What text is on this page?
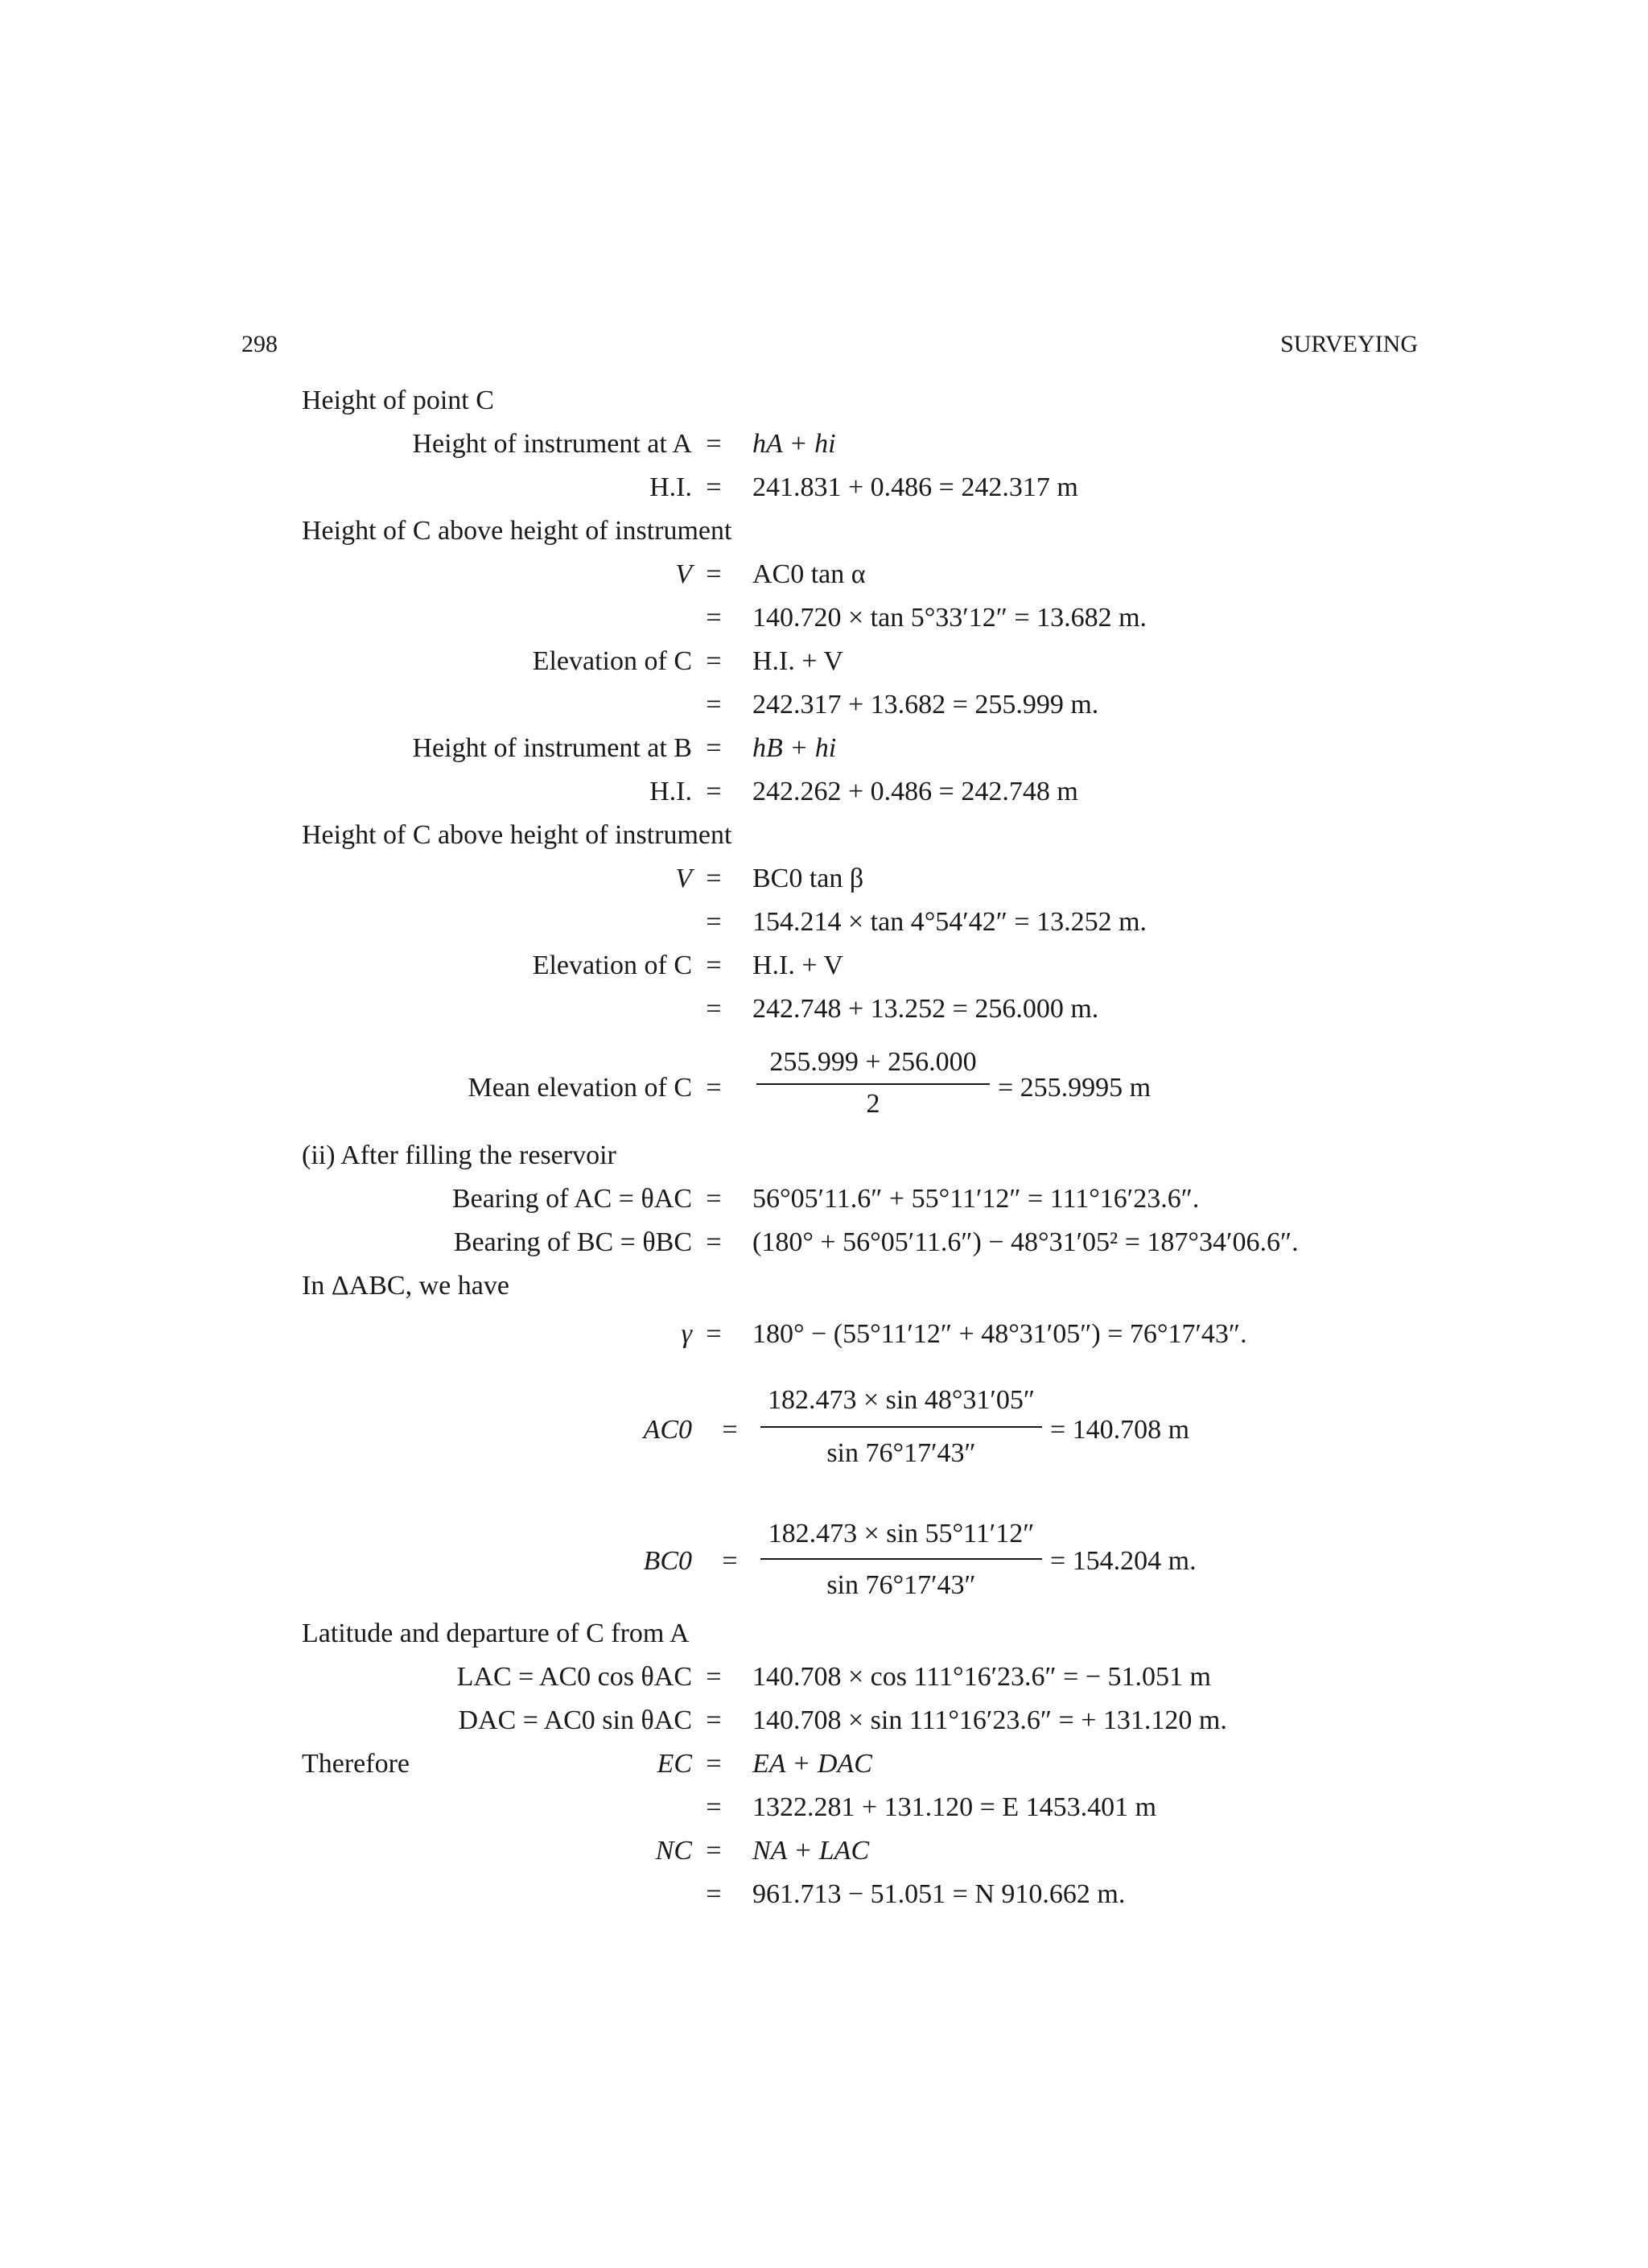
298	SURVEYING
Height of point C
Height of instrument at A =	hA + hi
H.I. =	241.831 + 0.486 = 242.317 m
Height of C above height of instrument
V =	AC0 tan α
=	140.720 × tan 5°33′12″ = 13.682 m.
Elevation of C =	H.I. + V
=	242.317 + 13.682 = 255.999 m.
Height of instrument at B =	hB + hi
H.I. =	242.262 + 0.486 = 242.748 m
Height of C above height of instrument
V =	BC0 tan β
=	154.214 × tan 4°54′42″ = 13.252 m.
Elevation of C =	H.I. + V
=	242.748 + 13.252 = 256.000 m.
Mean elevation of C =
255.999 + 256.000
2
= 255.9995 m
(ii) After filling the reservoir
Bearing of AC = θAC =	56°05′11.6″ + 55°11′12″ = 111°16′23.6″.
Bearing of BC = θBC =	(180° + 56°05′11.6″) − 48°31′05² = 187°34′06.6″.
In ΔABC, we have
γ =	180° − (55°11′12″ + 48°31′05″) = 76°17′43″.
AC0	=
182.473 × sin 48°31′05″
sin 76°17′43″
= 140.708 m
BC0	=
182.473 × sin 55°11′12″
sin 76°17′43″
= 154.204 m.
Latitude and departure of C from A
LAC = AC0 cos θAC =	140.708 × cos 111°16′23.6″ = − 51.051 m
DAC = AC0 sin θAC =	140.708 × sin 111°16′23.6″ = + 131.120 m.
Therefore	EC =	EA + DAC
=	1322.281 + 131.120 = E 1453.401 m
NC =	NA + LAC
=	961.713 − 51.051 = N 910.662 m.
